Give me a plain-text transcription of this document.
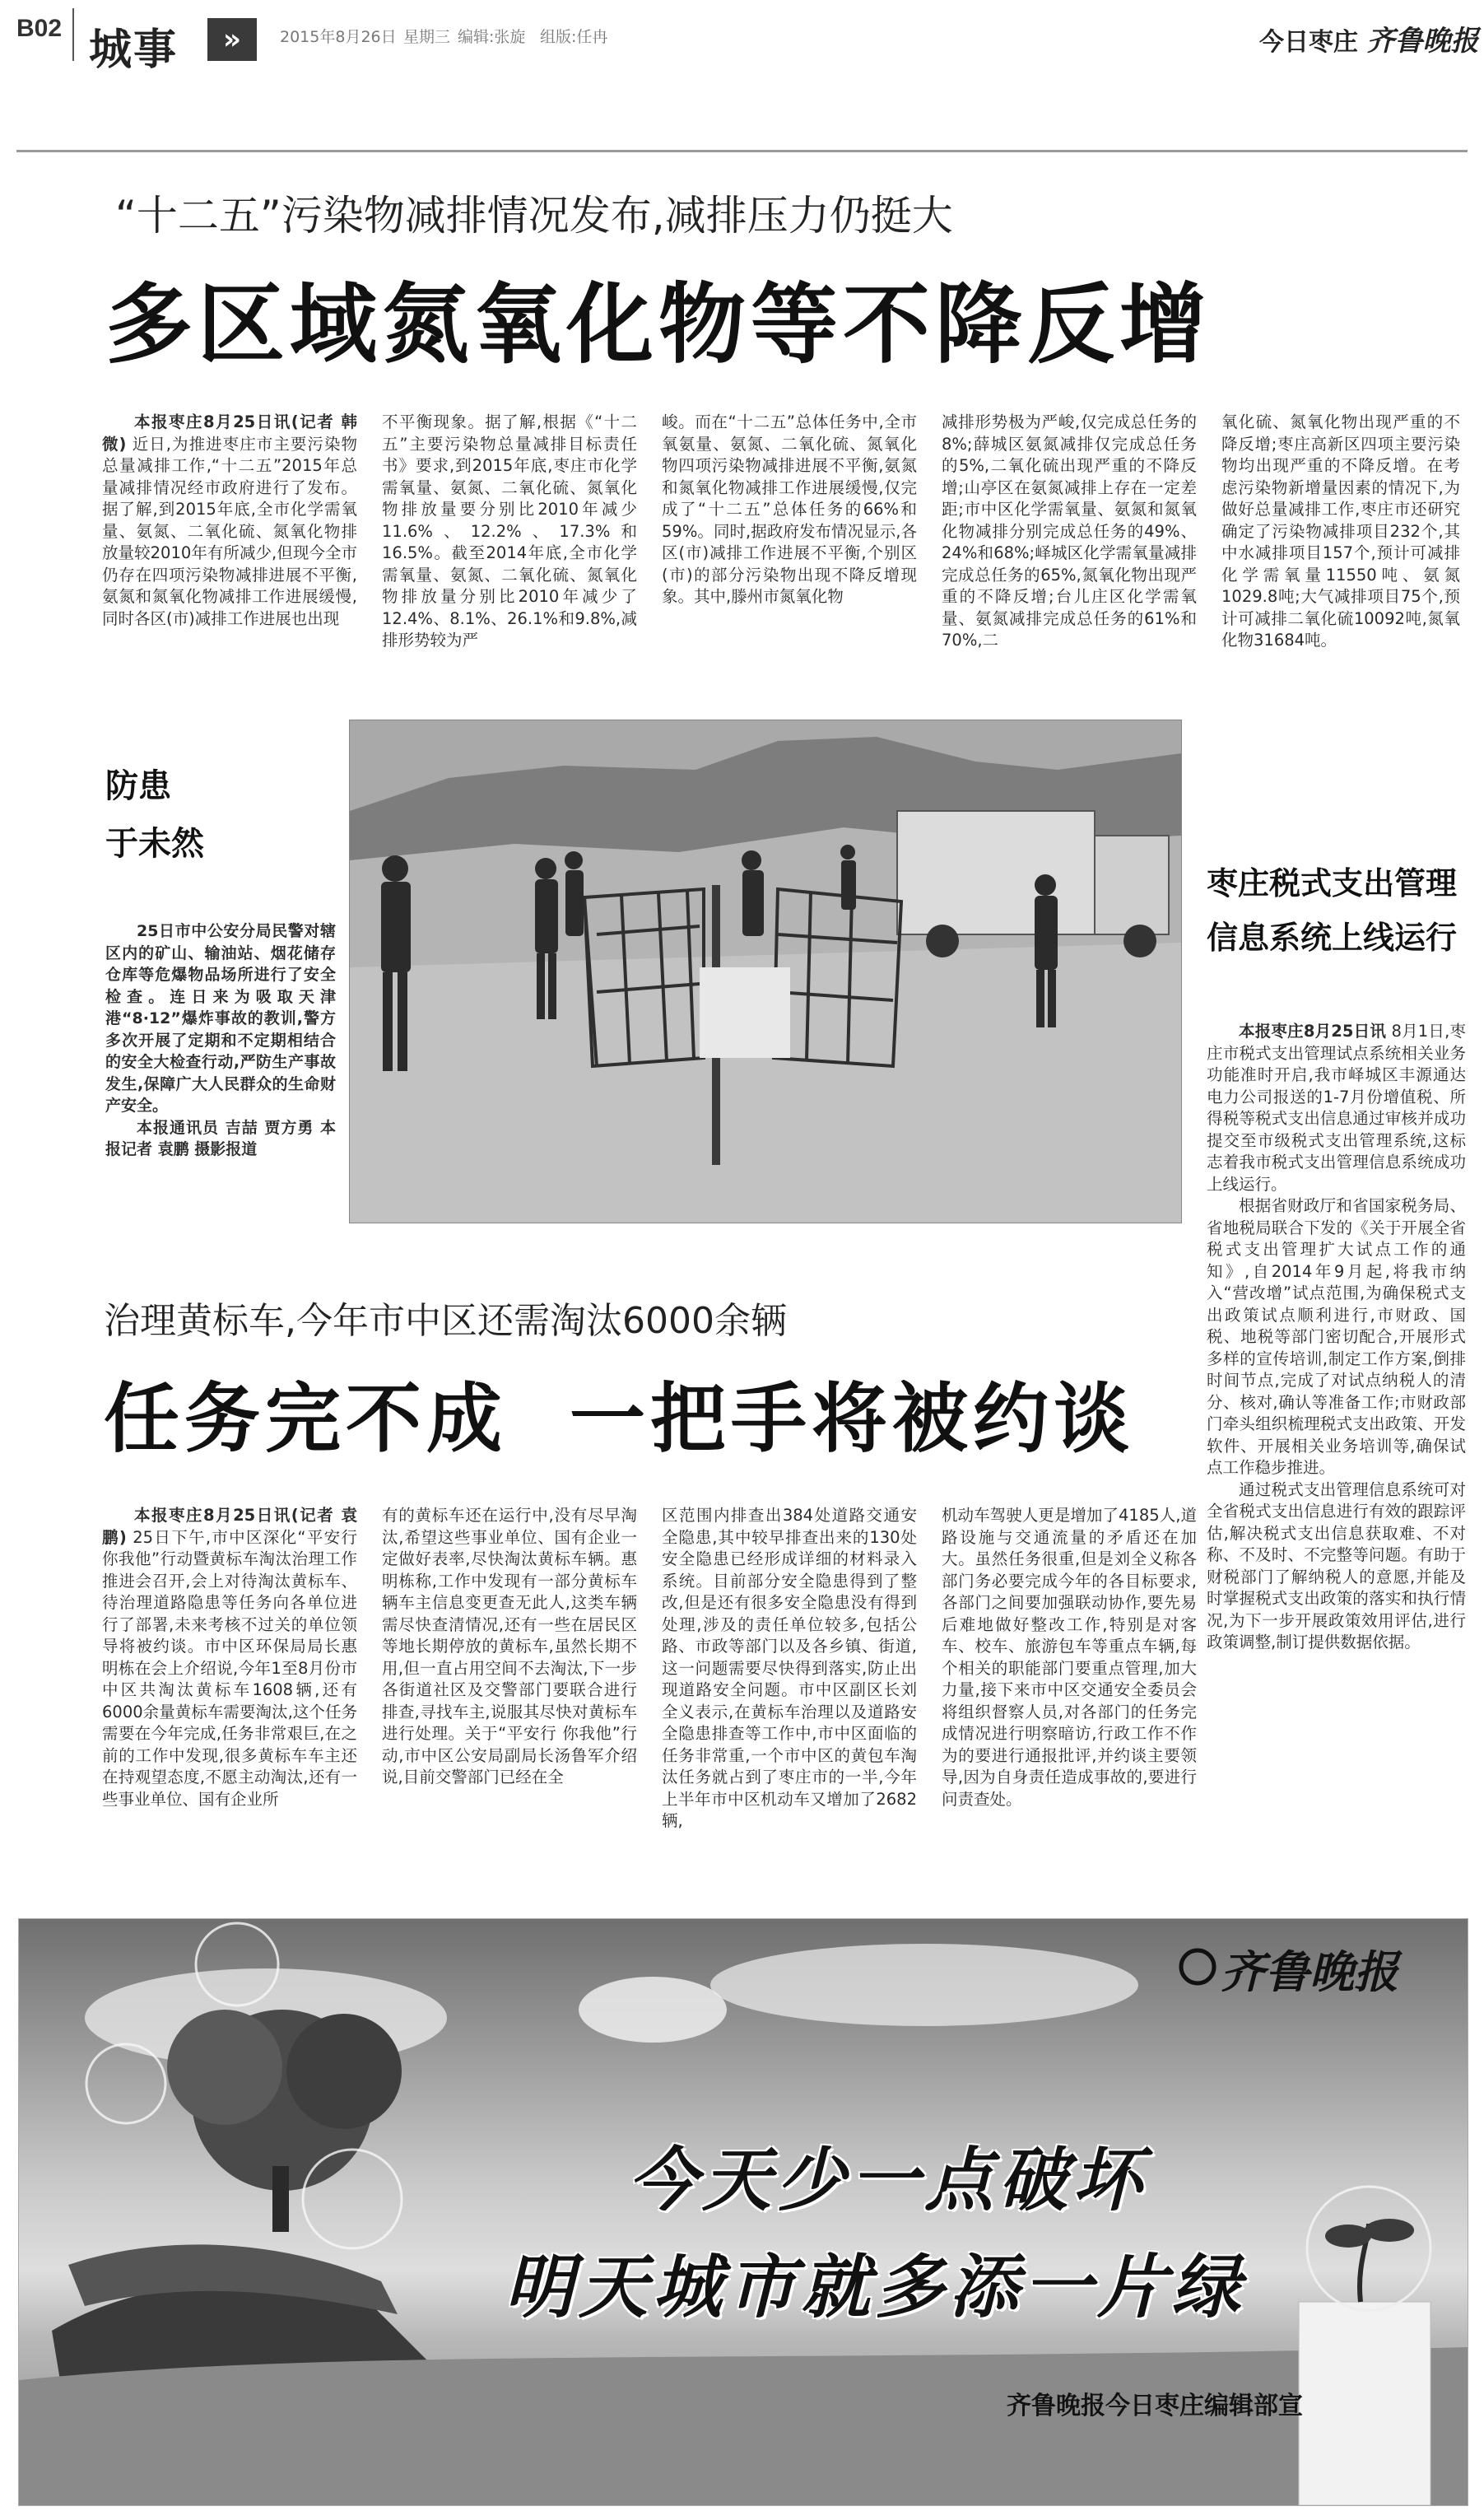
B02 城事	»	2015年8月26日 星期三 编辑:张旋 组版:任冉	今日枣庄 齐鲁晚报
“十二五”污染物减排情况发布,减排压力仍挺大
多区域氮氧化物等不降反增

本报枣庄8月25日讯(记者 韩微) 近日,为推进枣庄市主要污染物总量减排工作,“十二五”2015年总量减排情况经市政府进行了发布。据了解,到2015年底,全市化学需氧量、氨氮、二氧化硫、氮氧化物排放量较2010年有所减少,但现今全市仍存在四项污染物减排进展不平衡,氨氮和氮氧化物减排工作进展缓慢,同时各区(市)减排工作进展也出现

不平衡现象。据了解,根据《“十二五”主要污染物总量减排目标责任书》要求,到2015年底,枣庄市化学需氧量、氨氮、二氧化硫、氮氧化物排放量要分别比2010年减少11.6%、12.2%、17.3%和16.5%。截至2014年底,全市化学需氧量、氨氮、二氧化硫、氮氧化物排放量分别比2010年减少了12.4%、8.1%、26.1%和9.8%,减排形势较为严

峻。而在“十二五”总体任务中,全市氧氨量、氨氮、二氧化硫、氮氧化物四项污染物减排进展不平衡,氨氮和氮氧化物减排工作进展缓慢,仅完成了“十二五”总体任务的66%和59%。同时,据政府发布情况显示,各区(市)减排工作进展不平衡,个别区(市)的部分污染物出现不降反增现象。其中,滕州市氮氧化物

减排形势极为严峻,仅完成总任务的8%;薛城区氨氮减排仅完成总任务的5%,二氧化硫出现严重的不降反增;山亭区在氨氮减排上存在一定差距;市中区化学需氧量、氨氮和氮氧化物减排分别完成总任务的49%、24%和68%;峄城区化学需氧量减排完成总任务的65%,氮氧化物出现严重的不降反增;台儿庄区化学需氧量、氨氮减排完成总任务的61%和70%,二

氧化硫、氮氧化物出现严重的不降反增;枣庄高新区四项主要污染物均出现严重的不降反增。在考虑污染物新增量因素的情况下,为做好总量减排工作,枣庄市还研究确定了污染物减排项目232个,其中水减排项目157个,预计可减排化学需氧量11550吨、氨氮1029.8吨;大气减排项目75个,预计可减排二氧化硫10092吨,氮氧化物31684吨。

防患
于未然

25日市中公安分局民警对辖区内的矿山、输油站、烟花储存仓库等危爆物品场所进行了安全检查。连日来为吸取天津港“8·12”爆炸事故的教训,警方多次开展了定期和不定期相结合的安全大检查行动,严防生产事故发生,保障广大人民群众的生命财产安全。

本报通讯员 吉喆 贾方勇 本报记者 袁鹏 摄影报道

治理黄标车,今年市中区还需淘汰6000余辆
任务完不成  一把手将被约谈

本报枣庄8月25日讯(记者 袁鹏) 25日下午,市中区深化“平安行 你我他”行动暨黄标车淘汰治理工作推进会召开,会上对待淘汰黄标车、待治理道路隐患等任务向各单位进行了部署,未来考核不过关的单位领导将被约谈。市中区环保局局长惠明栋在会上介绍说,今年1至8月份市中区共淘汰黄标车1608辆,还有6000余量黄标车需要淘汰,这个任务需要在今年完成,任务非常艰巨,在之前的工作中发现,很多黄标车车主还在持观望态度,不愿主动淘汰,还有一些事业单位、国有企业所

有的黄标车还在运行中,没有尽早淘汰,希望这些事业单位、国有企业一定做好表率,尽快淘汰黄标车辆。惠明栋称,工作中发现有一部分黄标车辆车主信息变更查无此人,这类车辆需尽快查清情况,还有一些在居民区等地长期停放的黄标车,虽然长期不用,但一直占用空间不去淘汰,下一步各街道社区及交警部门要联合进行排查,寻找车主,说服其尽快对黄标车进行处理。关于“平安行 你我他”行动,市中区公安局副局长汤鲁军介绍说,目前交警部门已经在全

区范围内排查出384处道路交通安全隐患,其中较早排查出来的130处安全隐患已经形成详细的材料录入系统。目前部分安全隐患得到了整改,但是还有很多安全隐患没有得到处理,涉及的责任单位较多,包括公路、市政等部门以及各乡镇、街道,这一问题需要尽快得到落实,防止出现道路安全问题。市中区副区长刘全义表示,在黄标车治理以及道路安全隐患排查等工作中,市中区面临的任务非常重,一个市中区的黄包车淘汰任务就占到了枣庄市的一半,今年上半年市中区机动车又增加了2682辆,

机动车驾驶人更是增加了4185人,道路设施与交通流量的矛盾还在加大。虽然任务很重,但是刘全义称各部门务必要完成今年的各目标要求,各部门之间要加强联动协作,要先易后难地做好整改工作,特别是对客车、校车、旅游包车等重点车辆,每个相关的职能部门要重点管理,加大力量,接下来市中区交通安全委员会将组织督察人员,对各部门的任务完成情况进行明察暗访,行政工作不作为的要进行通报批评,并约谈主要领导,因为自身责任造成事故的,要进行问责查处。

枣庄税式支出管理
信息系统上线运行

本报枣庄8月25日讯 8月1日,枣庄市税式支出管理试点系统相关业务功能准时开启,我市峄城区丰源通达电力公司报送的1-7月份增值税、所得税等税式支出信息通过审核并成功提交至市级税式支出管理系统,这标志着我市税式支出管理信息系统成功上线运行。

根据省财政厅和省国家税务局、省地税局联合下发的《关于开展全省税式支出管理扩大试点工作的通知》,自2014年9月起,将我市纳入“营改增”试点范围,为确保税式支出政策试点顺利进行,市财政、国税、地税等部门密切配合,开展形式多样的宣传培训,制定工作方案,倒排时间节点,完成了对试点纳税人的清分、核对,确认等准备工作;市财政部门牵头组织梳理税式支出政策、开发软件、开展相关业务培训等,确保试点工作稳步推进。

通过税式支出管理信息系统可对全省税式支出信息进行有效的跟踪评估,解决税式支出信息获取难、不对称、不及时、不完整等问题。有助于财税部门了解纳税人的意愿,并能及时掌握税式支出政策的落实和执行情况,为下一步开展政策效用评估,进行政策调整,制订提供数据依据。

齐鲁晚报
今天少一点破坏
明天城市就多添一片绿
齐鲁晚报今日枣庄编辑部宣
